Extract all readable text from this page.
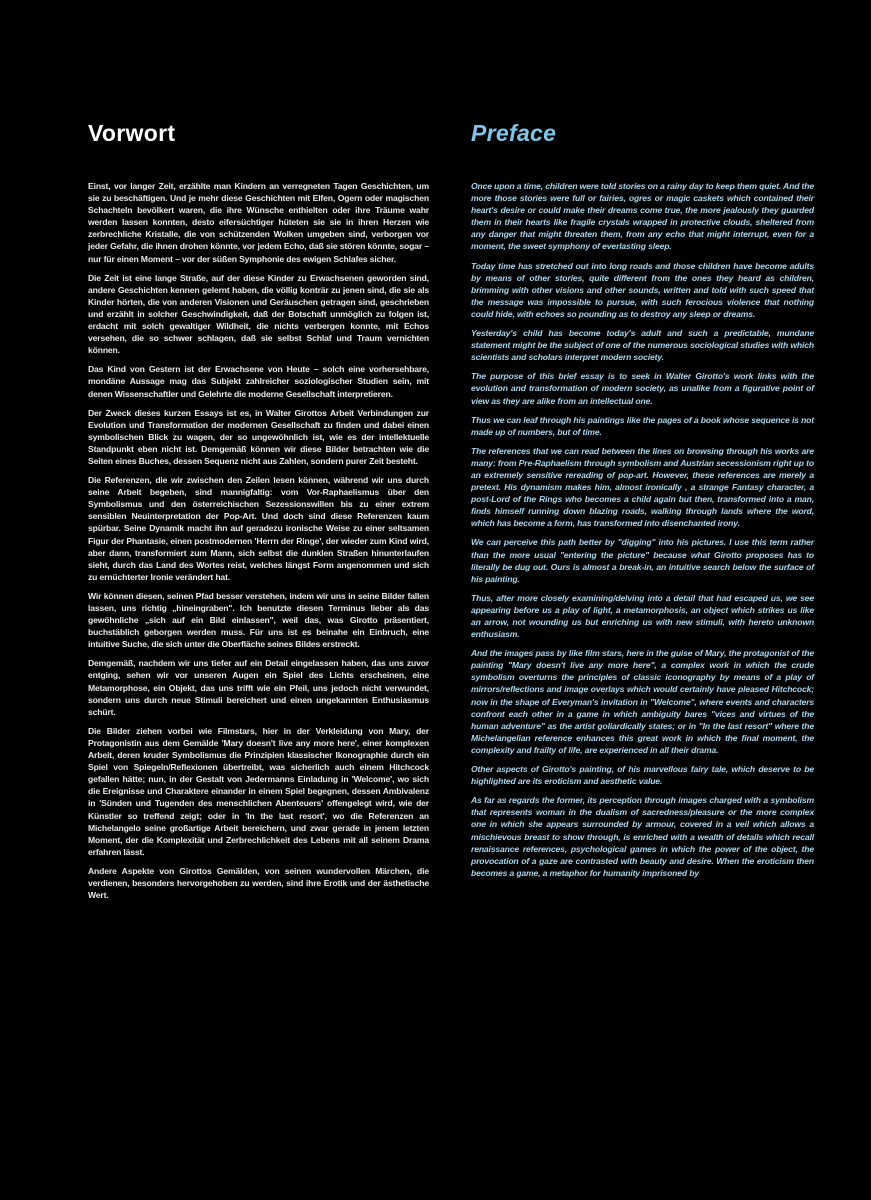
Vorwort

Einst, vor langer Zeit, erzählte man Kindern an verregneten Tagen Geschichten, um sie zu beschäftigen. Und je mehr diese Geschichten mit Elfen, Ogern oder magischen Schachteln bevölkert waren, die ihre Wünsche enthielten oder ihre Träume wahr werden lassen konnten, desto eifersüchtiger hüteten sie sie in ihren Herzen wie zerbrechliche Kristalle, die von schützenden Wolken umgeben sind, verborgen vor jeder Gefahr, die ihnen drohen könnte, vor jedem Echo, daß sie stören könnte, sogar – nur für einen Moment – vor der süßen Symphonie des ewigen Schlafes sicher.

Die Zeit ist eine lange Straße, auf der diese Kinder zu Erwachsenen geworden sind, andere Geschichten kennen gelernt haben, die völlig konträr zu jenen sind, die sie als Kinder hörten, die von anderen Visionen und Geräuschen getragen sind, geschrieben und erzählt in solcher Geschwindigkeit, daß der Botschaft unmöglich zu folgen ist, erdacht mit solch gewaltiger Wildheit, die nichts verbergen konnte, mit Echos versehen, die so schwer schlagen, daß sie selbst Schlaf und Traum vernichten können.

Das Kind von Gestern ist der Erwachsene von Heute – solch eine vorhersehbare, mondäne Aussage mag das Subjekt zahlreicher soziologischer Studien sein, mit denen Wissenschaftler und Gelehrte die moderne Gesellschaft interpretieren.

Der Zweck dieses kurzen Essays ist es, in Walter Girottos Arbeit Verbindungen zur Evolution und Transformation der modernen Gesellschaft zu finden und dabei einen symbolischen Blick zu wagen, der so ungewöhnlich ist, wie es der intellektuelle Standpunkt eben nicht ist. Demgemäß können wir diese Bilder betrachten wie die Seiten eines Buches, dessen Sequenz nicht aus Zahlen, sondern purer Zeit besteht.

Die Referenzen, die wir zwischen den Zeilen lesen können, während wir uns durch seine Arbeit begeben, sind mannigfaltig: vom Vor-Raphaelismus über den Symbolismus und den österreichischen Sezessionswillen bis zu einer extrem sensiblen Neuinterpretation der Pop-Art. Und doch sind diese Referenzen kaum spürbar. Seine Dynamik macht ihn auf geradezu ironische Weise zu einer seltsamen Figur der Phantasie, einen postmodernen 'Herrn der Ringe', der wieder zum Kind wird, aber dann, transformiert zum Mann, sich selbst die dunklen Straßen hinunterlaufen sieht, durch das Land des Wortes reist, welches längst Form angenommen und sich zu ernüchterter Ironie verändert hat.

Wir können diesen, seinen Pfad besser verstehen, indem wir uns in seine Bilder fallen lassen, uns richtig „hineingraben". Ich benutzte diesen Terminus lieber als das gewöhnliche „sich auf ein Bild einlassen", weil das, was Girotto präsentiert, buchstäblich geborgen werden muss. Für uns ist es beinahe ein Einbruch, eine intuitive Suche, die sich unter die Oberfläche seines Bildes erstreckt.

Demgemäß, nachdem wir uns tiefer auf ein Detail eingelassen haben, das uns zuvor entging, sehen wir vor unseren Augen ein Spiel des Lichts erscheinen, eine Metamorphose, ein Objekt, das uns trifft wie ein Pfeil, uns jedoch nicht verwundet, sondern uns durch neue Stimuli bereichert und einen ungekannten Enthusiasmus schürt.

Die Bilder ziehen vorbei wie Filmstars, hier in der Verkleidung von Mary, der Protagonistin aus dem Gemälde 'Mary doesn't live any more here', einer komplexen Arbeit, deren kruder Symbolismus die Prinzipien klassischer Ikonographie durch ein Spiel von Spiegeln/Reflexionen übertreibt, was sicherlich auch einem Hitchcock gefallen hätte; nun, in der Gestalt von Jedermanns Einladung in 'Welcome', wo sich die Ereignisse und Charaktere einander in einem Spiel begegnen, dessen Ambivalenz in 'Sünden und Tugenden des menschlichen Abenteuers' offengelegt wird, wie der Künstler so treffend zeigt; oder in 'In the last resort', wo die Referenzen an Michelangelo seine großartige Arbeit bereichern, und zwar gerade in jenem letzten Moment, der die Komplexität und Zerbrechlichkeit des Lebens mit all seinem Drama erfahren lässt.

Andere Aspekte von Girottos Gemälden, von seinen wundervollen Märchen, die verdienen, besonders hervorgehoben zu werden, sind ihre Erotik und der ästhetische Wert.

Preface

Once upon a time, children were told stories on a rainy day to keep them quiet. And the more those stories were full or fairies, ogres or magic caskets which contained their heart's desire or could make their dreams come true, the more jealously they guarded them in their hearts like fragile crystals wrapped in protective clouds, sheltered from any danger that might threaten them, from any echo that might interrupt, even for a moment, the sweet symphony of everlasting sleep.

Today time has stretched out into long roads and those children have become adults by means of other stories, quite different from the ones they heard as children, brimming with other visions and other sounds, written and told with such speed that the message was impossible to pursue, with such ferocious violence that nothing could hide, with echoes so pounding as to destroy any sleep or dreams.

Yesterday's child has become today's adult and such a predictable, mundane statement might be the subject of one of the numerous sociological studies with which scientists and scholars interpret modern society.

The purpose of this brief essay is to seek in Walter Girotto's work links with the evolution and transformation of modern society, as unalike from a figurative point of view as they are alike from an intellectual one.

Thus we can leaf through his paintings like the pages of a book whose sequence is not made up of numbers, but of time.

The references that we can read between the lines on browsing through his works are many: from Pre-Raphaelism through symbolism and Austrian secessionism right up to an extremely sensitive rereading of pop-art. However, these references are merely a pretext. His dynamism makes him, almost ironically , a strange Fantasy character, a post-Lord of the Rings who becomes a child again but then, transformed into a man, finds himself running down blazing roads, walking through lands where the word, which has become a form, has transformed into disenchanted irony.

We can perceive this path better by "digging" into his pictures. I use this term rather than the more usual "entering the picture" because what Girotto proposes has to literally be dug out. Ours is almost a break-in, an intuitive search below the surface of his painting.

Thus, after more closely examining/delving into a detail that had escaped us, we see appearing before us a play of light, a metamorphosis, an object which strikes us like an arrow, not wounding us but enriching us with new stimuli, with hereto unknown enthusiasm.

And the images pass by like film stars, here in the guise of Mary, the protagonist of the painting "Mary doesn't live any more here", a complex work in which the crude symbolism overturns the principles of classic iconography by means of a play of mirrors/reflections and image overlays which would certainly have pleased Hitchcock; now in the shape of Everyman's invitation in "Welcome", where events and characters confront each other in a game in which ambiguity bares "vices and virtues of the human adventure" as the artist goliardically states; or in "In the last resort" where the Michelangelian reference enhances this great work in which the final moment, the complexity and frailty of life, are experienced in all their drama.

Other aspects of Girotto's painting, of his marvellous fairy tale, which deserve to be highlighted are its eroticism and aesthetic value.

As far as regards the former, its perception through images charged with a symbolism that represents woman in the dualism of sacredness/pleasure or the more complex one in which she appears surrounded by armour, covered in a veil which allows a mischievous breast to show through, is enriched with a wealth of details which recall renaissance references, psychological games in which the power of the object, the provocation of a gaze are contrasted with beauty and desire. When the eroticism then becomes a game, a metaphor for humanity imprisoned by
